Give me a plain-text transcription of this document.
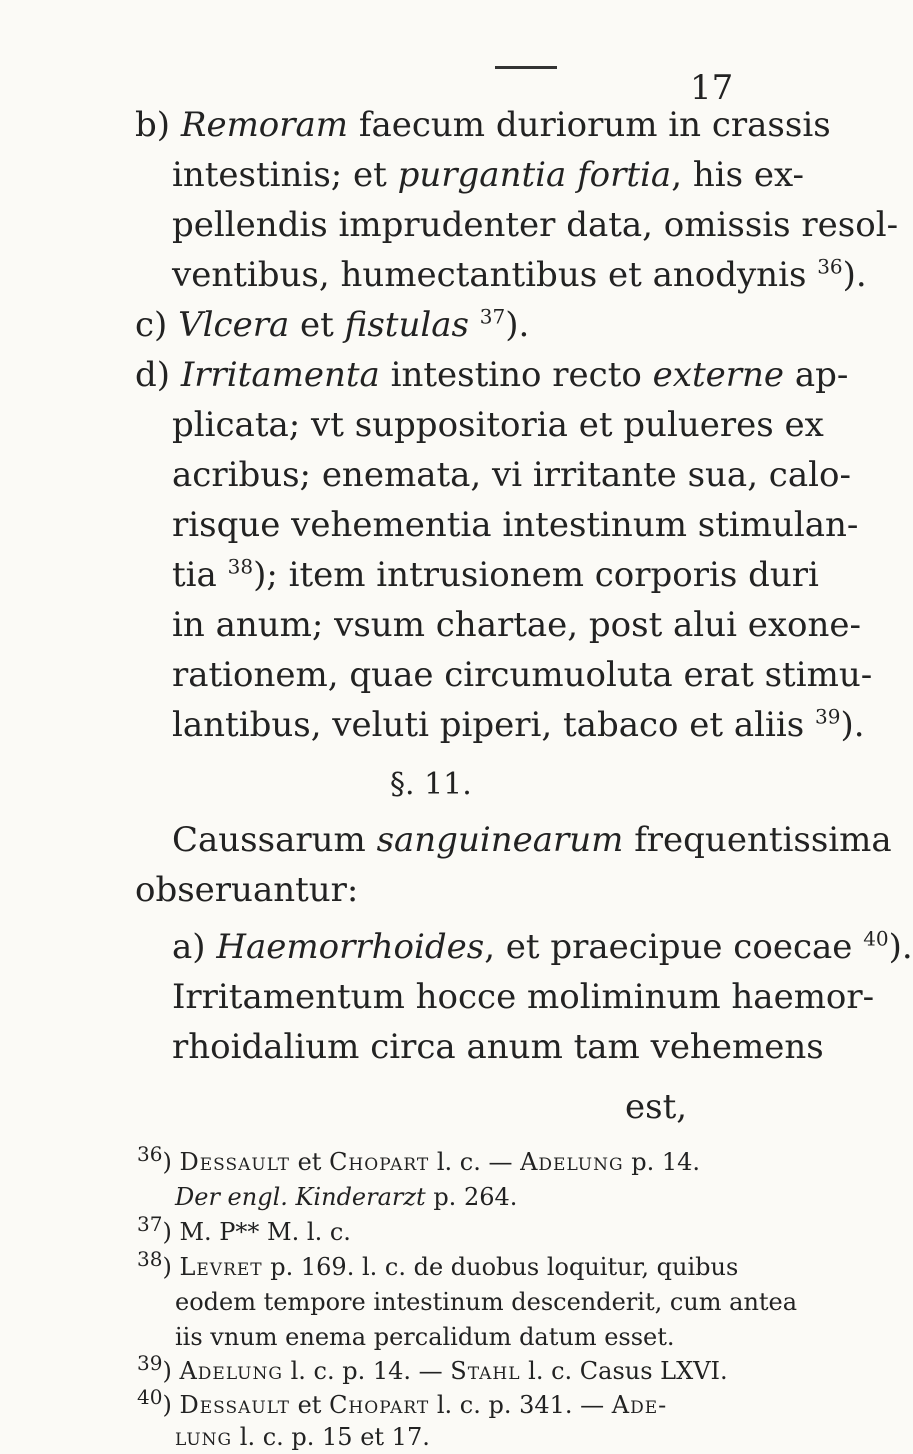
17
b) Remoram faecum duriorum in crassis
intestinis; et purgantia fortia, his ex-
pellendis imprudenter data, omissis resol-
ventibus, humectantibus et anodynis $^{36}$).
c) Vlcera et fistulas $^{37}$).
d) Irritamenta intestino recto externe ap-
plicata; vt suppositoria et pulueres ex
acribus; enemata, vi irritante sua, calo-
risque vehementia intestinum stimulan-
tia $^{38}$); item intrusionem corporis duri
in anum; vsum chartae, post alui exone-
rationem, quae circumuoluta erat stimu-
lantibus, veluti piperi, tabaco et aliis $^{39}$).
§. 11.
Caussarum sanguinearum frequentissima
obseruantur:
a) Haemorrhoides, et praecipue coecae $^{40}$).
Irritamentum hocce moliminum haemor-
rhoidalium circa anum tam vehemens
est,
$^{36}$) Dessault et Chopart l. c. — Adelung p. 14.
Der engl. Kinderarzt p. 264.
$^{37}$) M. P** M. l. c.
$^{38}$) Levret p. 169. l. c. de duobus loquitur, quibus
eodem tempore intestinum descenderit, cum antea
iis vnum enema percalidum datum esset.
$^{39}$) Adelung l. c. p. 14. — Stahl l. c. Casus LXVI.
$^{40}$) Dessault et Chopart l. c. p. 341. — Ade-
lung l. c. p. 15 et 17.
